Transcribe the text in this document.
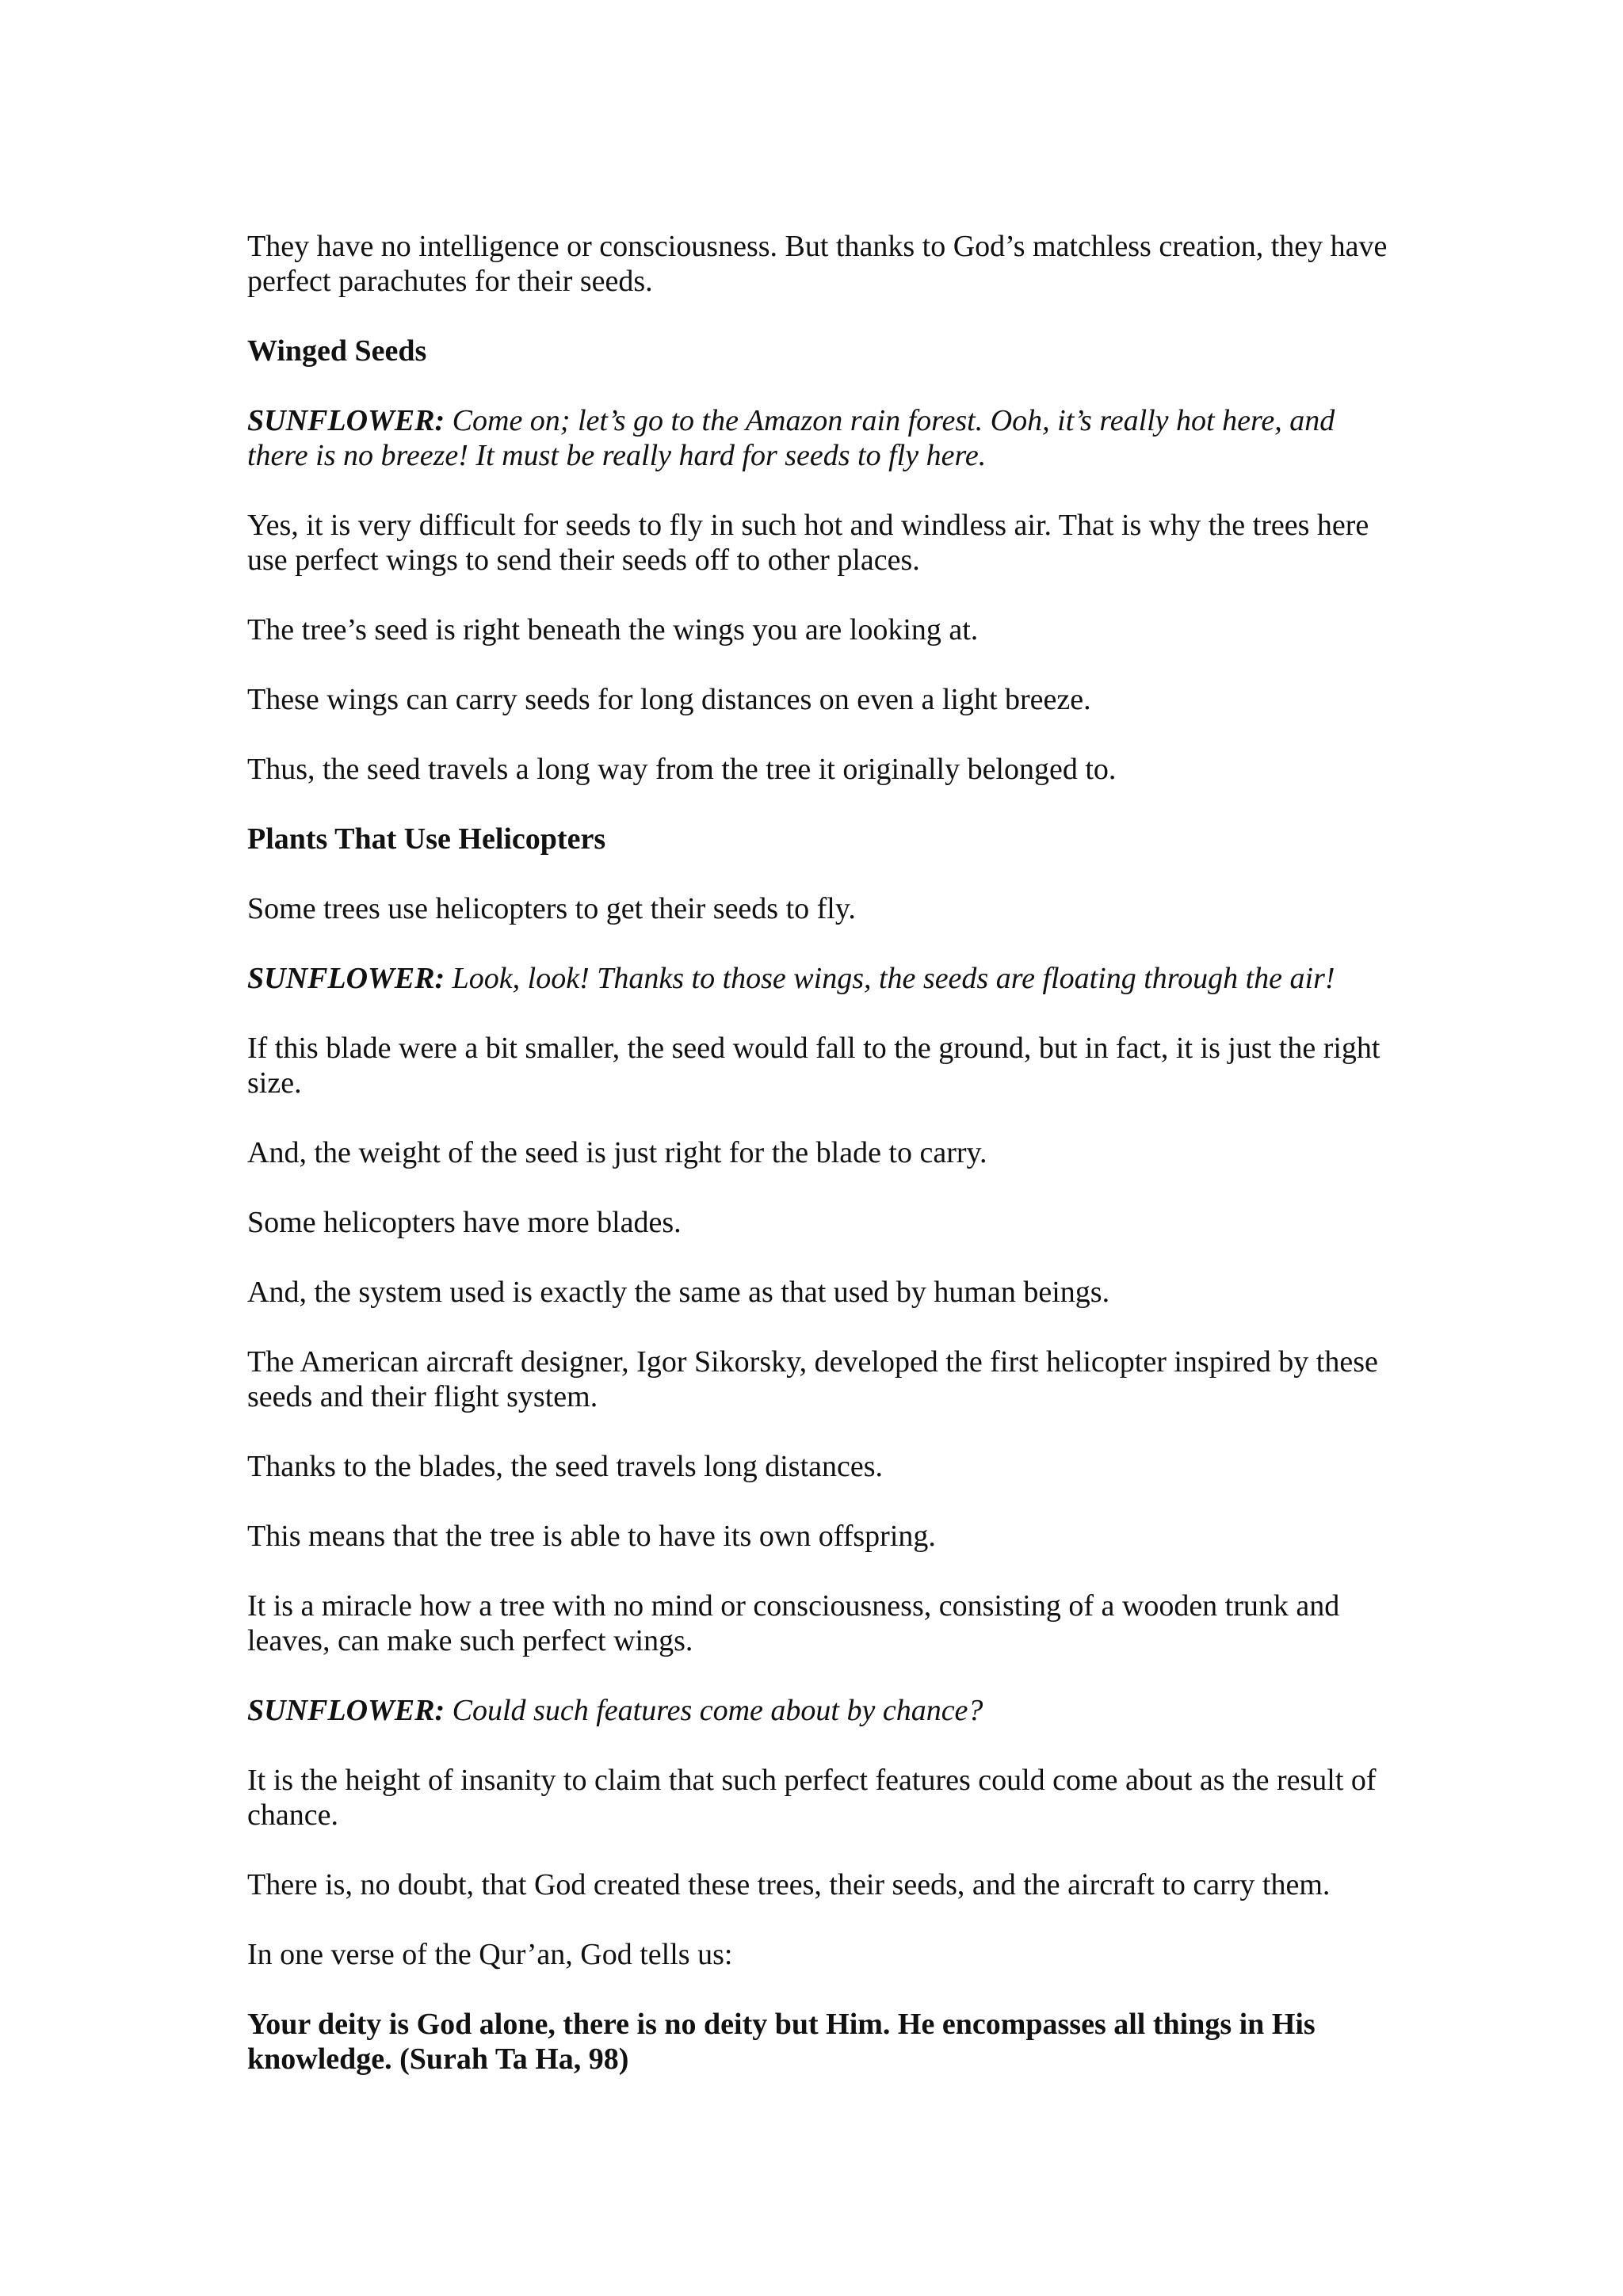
They have no intelligence or consciousness. But thanks to God’s matchless creation, they have perfect parachutes for their seeds.

Winged Seeds

SUNFLOWER: Come on; let’s go to the Amazon rain forest. Ooh, it’s really hot here, and there is no breeze! It must be really hard for seeds to fly here.

Yes, it is very difficult for seeds to fly in such hot and windless air. That is why the trees here use perfect wings to send their seeds off to other places.

The tree’s seed is right beneath the wings you are looking at.

These wings can carry seeds for long distances on even a light breeze.

Thus, the seed travels a long way from the tree it originally belonged to.

Plants That Use Helicopters

Some trees use helicopters to get their seeds to fly.

SUNFLOWER: Look, look! Thanks to those wings, the seeds are floating through the air!

If this blade were a bit smaller, the seed would fall to the ground, but in fact, it is just the right size.

And, the weight of the seed is just right for the blade to carry.

Some helicopters have more blades.

And, the system used is exactly the same as that used by human beings.

The American aircraft designer, Igor Sikorsky, developed the first helicopter inspired by these seeds and their flight system.

Thanks to the blades, the seed travels long distances.

This means that the tree is able to have its own offspring.

It is a miracle how a tree with no mind or consciousness, consisting of a wooden trunk and leaves, can make such perfect wings.

SUNFLOWER: Could such features come about by chance?

It is the height of insanity to claim that such perfect features could come about as the result of chance.

There is, no doubt, that God created these trees, their seeds, and the aircraft to carry them.

In one verse of the Qur’an, God tells us:

Your deity is God alone, there is no deity but Him. He encompasses all things in His knowledge. (Surah Ta Ha, 98)
